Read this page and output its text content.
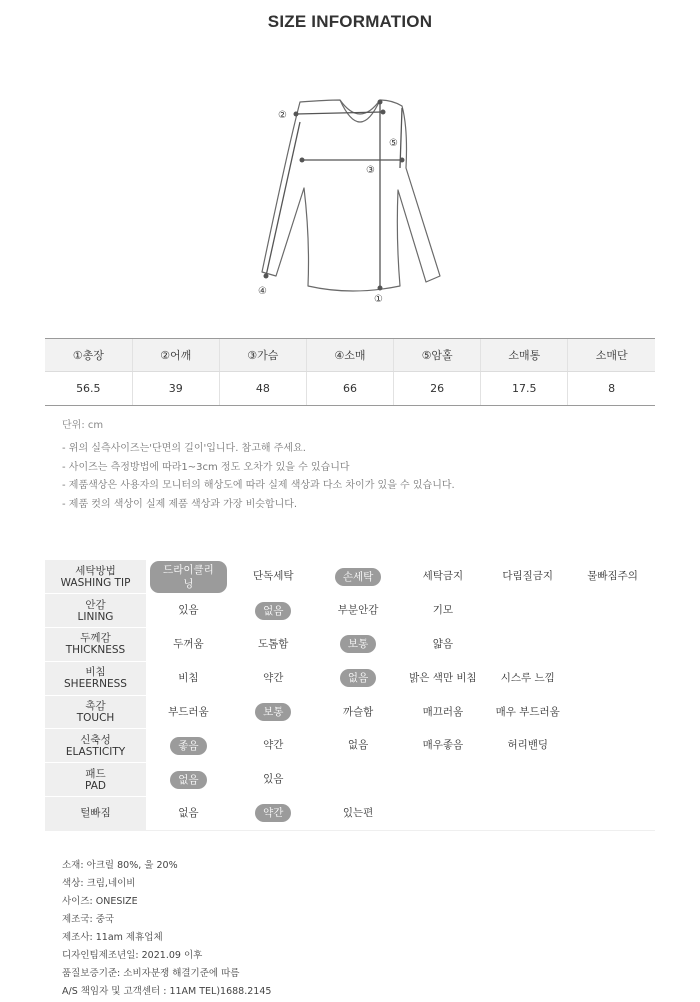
SIZE INFORMATION
②
⑤
③
④
①
①총장	②어깨	③가슴	④소매	⑤암홀	소매통	소매단
56.5	39	48	66	26	17.5	8
단위: cm
- 위의 실측사이즈는'단면의 길이'입니다. 참고해 주세요.
- 사이즈는 측정방법에 따라1~3cm 정도 오차가 있을 수 있습니다
- 제품색상은 사용자의 모니터의 해상도에 따라 실제 색상과 다소 차이가 있을 수 있습니다.
- 제품 컷의 색상이 실제 제품 색상과 가장 비슷합니다.
세탁방법
WASHING TIP	드라이클리닝	단독세탁	손세탁	세탁금지	다림질금지	물빠짐주의

안감
LINING	있음	없음	부분안감	기모		

두께감
THICKNESS	두꺼움	도톰함	보통	얇음		

비침
SHEERNESS	비침	약간	없음	밝은 색만 비침	시스루 느낌	

촉감
TOUCH	부드러움	보통	까슬함	매끄러움	매우 부드러움	

신축성
ELASTICITY	좋음	약간	없음	매우좋음	허리밴딩	

패드
PAD	없음	있음				

털빠짐	없음	약간	있는편			
소재: 아크릴 80%, 울 20%
색상: 크림,네이비
사이즈: ONESIZE
제조국: 중국
제조사: 11am 제휴업체
디자인팀제조년일: 2021.09 이후
품질보증기준: 소비자분쟁 해결기준에 따름
A/S 책임자 및 고객센터 : 11AM TEL)1688.2145
